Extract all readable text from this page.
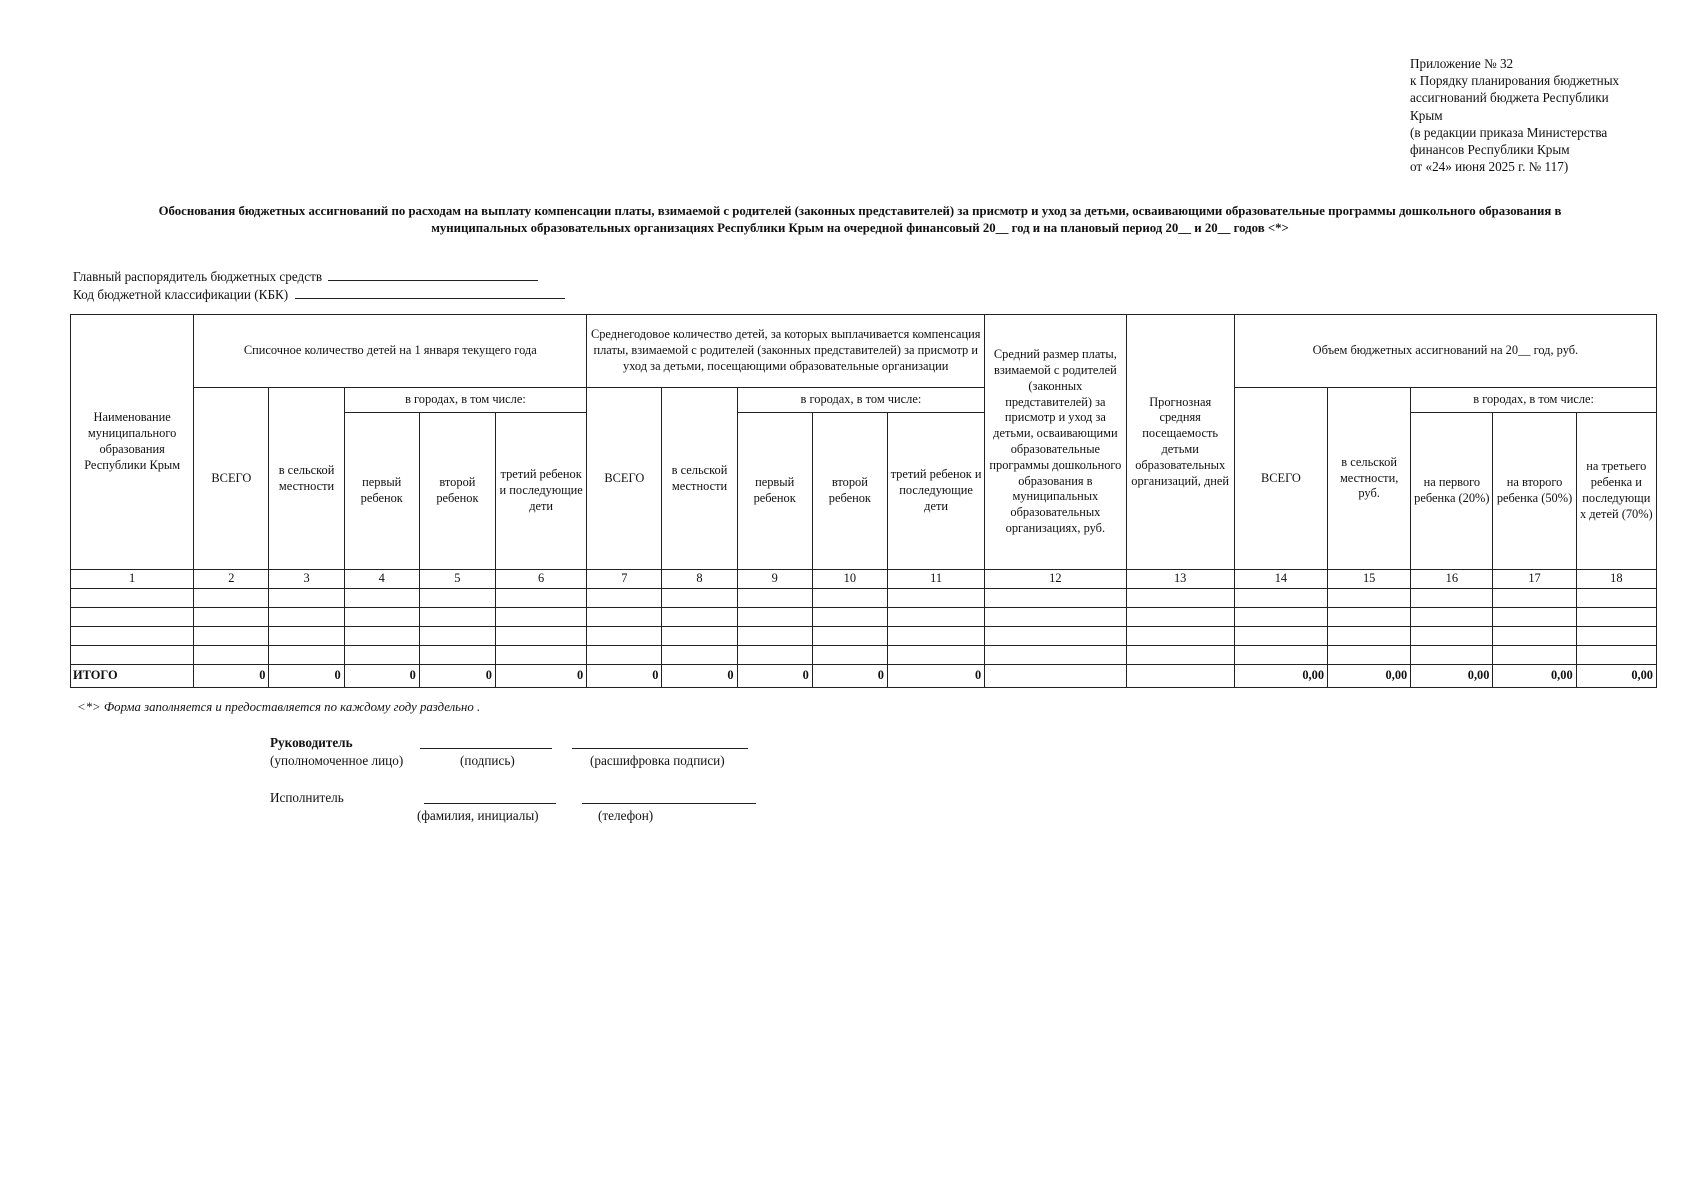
Приложение № 32
к Порядку планирования бюджетных
ассигнований бюджета Республики
Крым
(в редакции приказа Министерства
финансов Республики Крым
от «24» июня 2025 г. № 117)
Обоснования бюджетных ассигнований по расходам на выплату компенсации платы, взимаемой с родителей (законных представителей) за присмотр и уход за детьми, осваивающими образовательные программы дошкольного образования в
муниципальных образовательных организациях Республики Крым на очередной финансовый 20__ год и на плановый период 20__ и 20__ годов <*>
Главный распорядитель бюджетных средств
Код бюджетной классификации (КБК)
Наименование муниципального образования Республики Крым	Списочное количество детей на 1 января текущего года					Среднегодовое количество детей, за которых выплачивается компенсация платы, взимаемой с родителей (законных представителей) за присмотр и уход за детьми, посещающими образовательные организации					Средний размер платы, взимаемой с родителей (законных представителей) за присмотр и уход за детьми, осваивающими образовательные программы дошкольного образования в муниципальных образовательных организациях, руб.	Прогнозная средняя посещаемость детьми образовательных организаций, дней	Объем бюджетных ассигнований на 20__ год, руб.				
	ВСЕГО	в сельской местности	в городах, в том числе:			ВСЕГО	в сельской местности	в городах, в том числе:					ВСЕГО	в сельской местности, руб.	в городах, в том числе:		
			первый ребенок	второй ребенок	третий ребенок и последующие дети			первый ребенок	второй ребенок	третий ребенок и последующие дети					на первого ребенка (20%)	на второго ребенка (50%)	на третьего ребенка и последующи х детей (70%)
1	2	3	4	5	6	7	8	9	10	11	12	13	14	15	16	17	18

ИТОГО	0	0	0	0	0	0	0	0	0	0			0,00	0,00	0,00	0,00	0,00
<*> Форма заполняется и предоставляется по каждому году раздельно .
Руководитель
(уполномоченное лицо)	(подпись)	(расшифровка подписи)
Исполнитель
(фамилия, инициалы)	(телефон)
